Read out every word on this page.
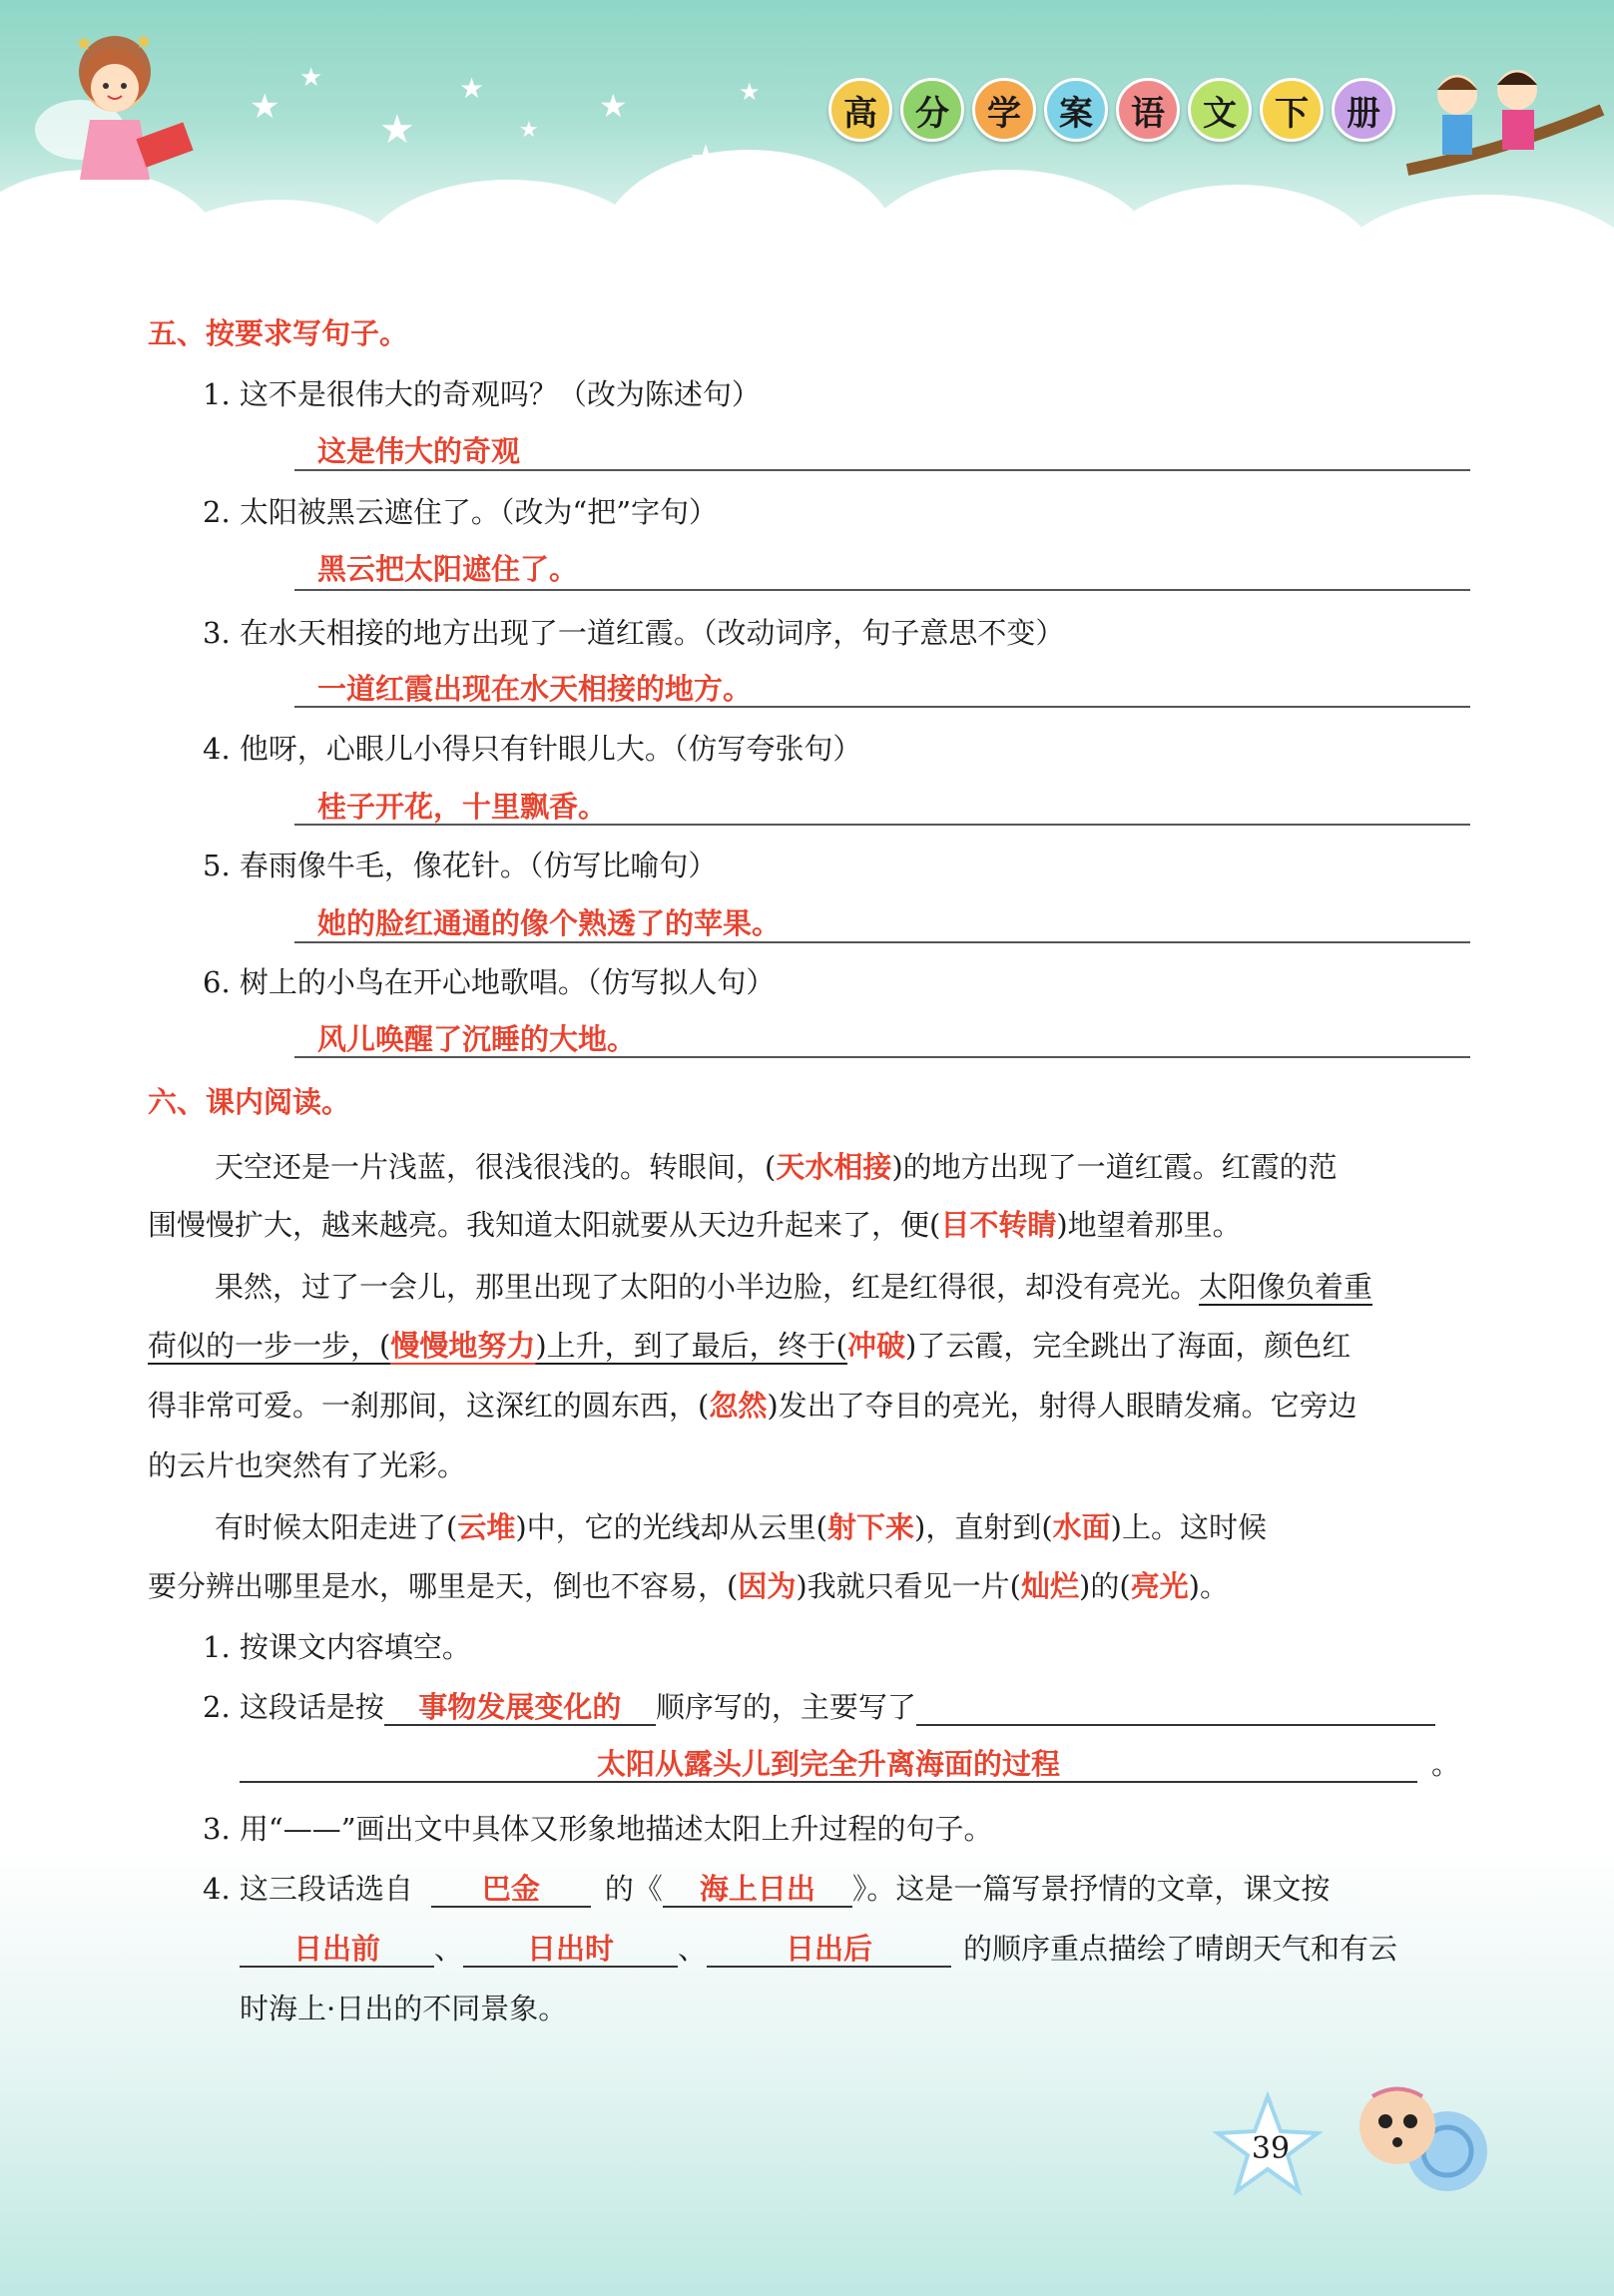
★
★
★
★
★
★
★
★
★ ★
高	分	学	案	语	文	下	册
五、按要求写句子。
1. 这不是很伟大的奇观吗？（改为陈述句）
这是伟大的奇观
2. 太阳被黑云遮住了。（改为“把”字句）
黑云把太阳遮住了。
3. 在水天相接的地方出现了一道红霞。（改动词序，句子意思不变）
一道红霞出现在水天相接的地方。
4. 他呀，心眼儿小得只有针眼儿大。（仿写夸张句）
桂子开花，十里飘香。
5. 春雨像牛毛，像花针。（仿写比喻句）
她的脸红通通的像个熟透了的苹果。
6. 树上的小鸟在开心地歌唱。（仿写拟人句）
风儿唤醒了沉睡的大地。
六、课内阅读。
天空还是一片浅蓝，很浅很浅的。转眼间，(天水相接)的地方出现了一道红霞。红霞的范
围慢慢扩大，越来越亮。我知道太阳就要从天边升起来了，便(目不转睛)地望着那里。
果然，过了一会儿，那里出现了太阳的小半边脸，红是红得很，却没有亮光。太阳像负着重
荷似的一步一步，(慢慢地努力)上升，到了最后，终于(冲破)了云霞，完全跳出了海面，颜色红
得非常可爱。一刹那间，这深红的圆东西，(忽然)发出了夺目的亮光，射得人眼睛发痛。它旁边
的云片也突然有了光彩。
有时候太阳走进了(云堆)中，它的光线却从云里(射下来)，直射到(水面)上。这时候
要分辨出哪里是水，哪里是天，倒也不容易，(因为)我就只看见一片(灿烂)的(亮光)。
1. 按课文内容填空。
2. 这段话是按 事物发展变化的 顺序写的，主要写了
太阳从露头儿到完全升离海面的过程	。
3. 用“——”画出文中具体又形象地描述太阳上升过程的句子。
4. 这三段话选自 巴金 的《 海上日出 》。这是一篇写景抒情的文章，课文按
日出前 、 日出时 、	日出后	的顺序重点描绘了晴朗天气和有云
时海上·日出的不同景象。
39
